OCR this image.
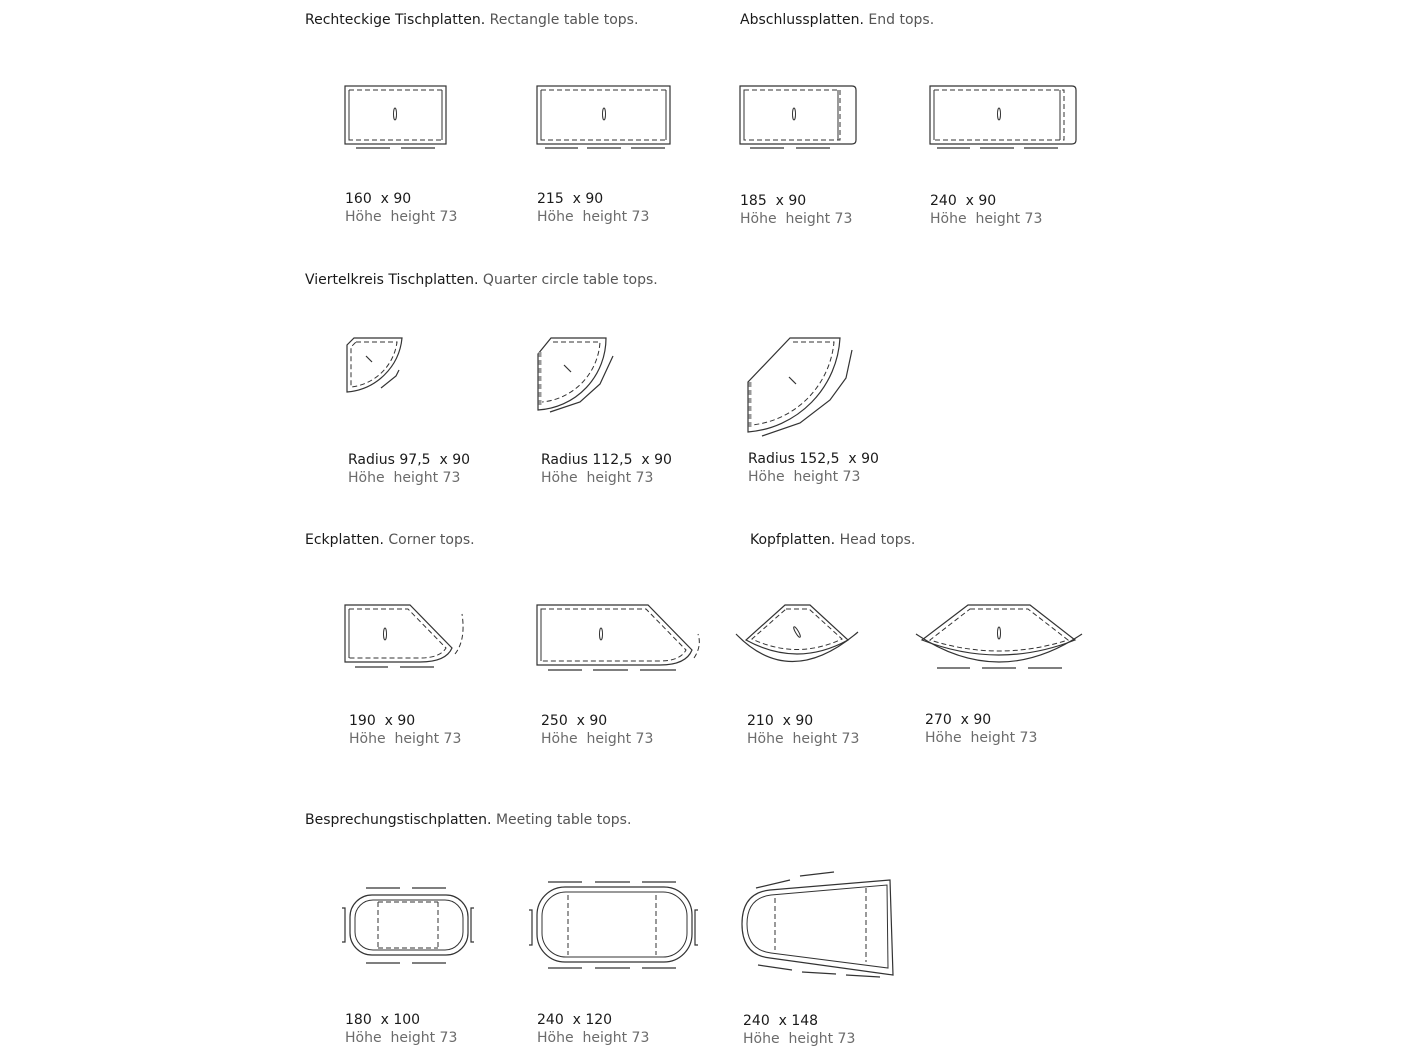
Rechteckige Tischplatten. Rectangle table tops.	Abschlussplatten. End tops.
Viertelkreis Tischplatten. Quarter circle table tops.
Eckplatten. Corner tops.	Kopfplatten. Head tops.
Besprechungstischplatten. Meeting table tops.
160  x 90
Höhe  height 73
215  x 90
Höhe  height 73
185  x 90
Höhe  height 73
240  x 90
Höhe  height 73
Radius 97,5  x 90
Höhe  height 73
Radius 112,5  x 90
Höhe  height 73
Radius 152,5  x 90
Höhe  height 73
190  x 90
Höhe  height 73
250  x 90
Höhe  height 73
210  x 90
Höhe  height 73
270  x 90
Höhe  height 73
180  x 100
Höhe  height 73
240  x 120
Höhe  height 73
240  x 148
Höhe  height 73
